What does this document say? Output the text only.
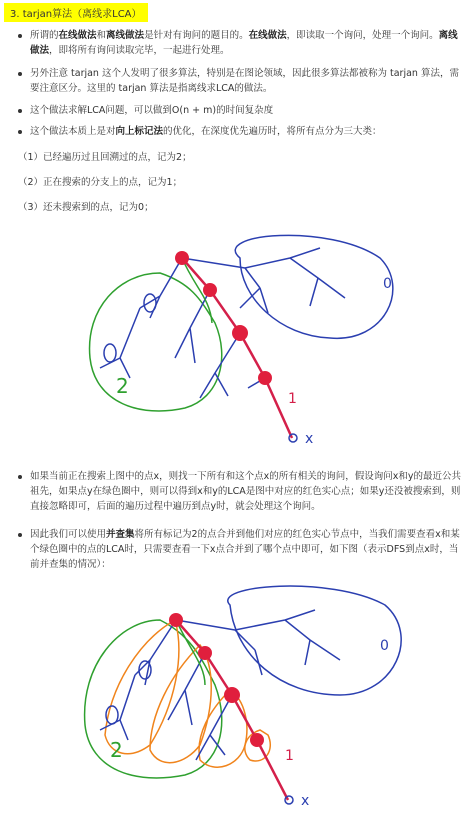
3. tarjan算法（离线求LCA）
所谓的在线做法和离线做法是针对有询问的题目的。在线做法，即读取一个询问，处理一个询问。离线做法，即将所有询问读取完毕，一起进行处理。
另外注意 tarjan 这个人发明了很多算法，特别是在图论领域，因此很多算法都被称为 tarjan 算法，需要注意区分。这里的 tarjan 算法是指离线求LCA的做法。
这个做法求解LCA问题，可以做到O(n + m)的时间复杂度
这个做法本质上是对向上标记法的优化，在深度优先遍历时，将所有点分为三大类：
（1）已经遍历过且回溯过的点，记为2；
（2）正在搜索的分支上的点，记为1；
（3）还未搜索到的点，记为0；
2
1
0
x
如果当前正在搜索上图中的点x，则找一下所有和这个点x的所有相关的询问，假设询问x和y的最近公共祖先，如果点y在绿色圈中，则可以得到x和y的LCA是图中对应的红色实心点；如果y还没被搜索到，则直接忽略即可，后面的遍历过程中遍历到点y时，就会处理这个询问。
因此我们可以使用并查集将所有标记为2的点合并到他们对应的红色实心节点中，当我们需要查看x和某个绿色圈中的点的LCA时，只需要查看一下x点合并到了哪个点中即可，如下图（表示DFS到点x时，当前并查集的情况）：
2	1
0
x
